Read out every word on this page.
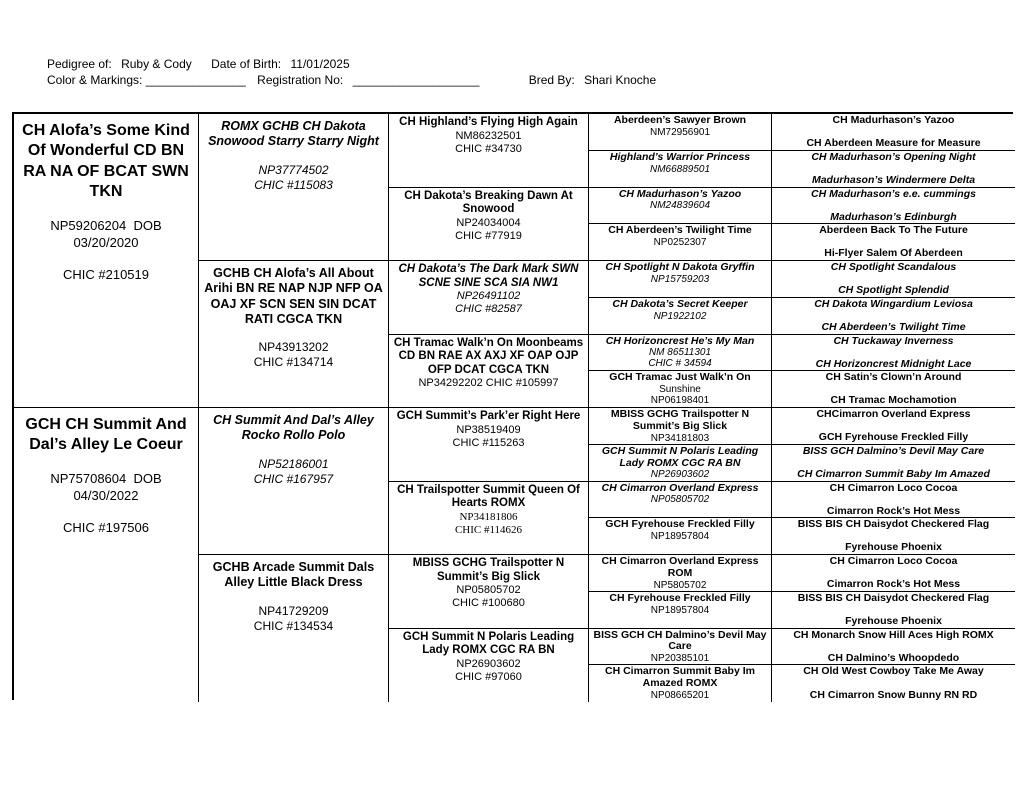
Pedigree of: Ruby & Cody Date of Birth: 11/01/2025
Color & Markings: _______________ Registration No: ___________________	Bred By: Shari Knoche
CH Alofa’s Some Kind Of Wonderful CD BN RA NA OF BCAT SWN TKN
NP59206204  DOB
03/20/2020
CHIC #210519
GCH CH Summit And Dal’s Alley Le Coeur
NP75708604  DOB
04/30/2022
CHIC #197506
ROMX GCHB CH Dakota Snowood Starry Starry Night
NP37774502
CHIC #115083
GCHB CH Alofa’s All About Arihi BN RE NAP NJP NFP OA OAJ XF SCN SEN SIN DCAT RATI CGCA TKN
NP43913202
CHIC #134714
CH Summit And Dal’s Alley Rocko Rollo Polo
NP52186001
CHIC #167957
GCHB Arcade Summit Dals Alley Little Black Dress
NP41729209
CHIC #134534
CH Highland’s Flying High Again
NM86232501
CHIC #34730
CH Dakota’s Breaking Dawn At Snowood
NP24034004
CHIC #77919
CH Dakota’s The Dark Mark SWN SCNE SINE SCA SIA NW1
NP26491102
CHIC #82587
CH Tramac Walk’n On Moonbeams CD BN RAE AX AXJ XF OAP OJP OFP DCAT CGCA TKN
NP34292202 CHIC #105997
GCH Summit’s Park’er Right Here
NP38519409
CHIC #115263
CH Trailspotter Summit Queen Of Hearts ROMX
NP34181806
CHIC #114626
MBISS GCHG Trailspotter N Summit’s Big Slick
NP05805702
CHIC #100680
GCH Summit N Polaris Leading Lady ROMX CGC RA BN
NP26903602
CHIC #97060
Aberdeen’s Sawyer Brown
NM72956901
Highland’s Warrior Princess
NM66889501
CH Madurhason’s Yazoo
NM24839604
CH Aberdeen’s Twilight Time
NP0252307
CH Spotlight N Dakota Gryffin
NP15759203
CH Dakota’s Secret Keeper
NP1922102
CH Horizoncrest He’s My Man
NM 86511301
CHIC # 34594
GCH Tramac Just Walk’n On
Sunshine
NP06198401
MBISS GCHG Trailspotter N Summit’s Big Slick
NP34181803
GCH Summit N Polaris Leading Lady ROMX CGC RA BN
NP26903602
CH Cimarron Overland Express
NP05805702
GCH Fyrehouse Freckled Filly
NP18957804
CH Cimarron Overland Express ROM
NP5805702
CH Fyrehouse Freckled Filly
NP18957804
BISS GCH CH Dalmino’s Devil May Care
NP20385101
CH Cimarron Summit Baby Im Amazed ROMX
NP08665201
CH Madurhason’s Yazoo
CH Aberdeen Measure for Measure
CH Madurhason’s Opening Night
Madurhason’s Windermere Delta
CH Madurhason’s e.e. cummings
Madurhason’s Edinburgh
Aberdeen Back To The Future
Hi-Flyer Salem Of Aberdeen
CH Spotlight Scandalous
CH Spotlight Splendid
CH Dakota Wingardium Leviosa
CH Aberdeen’s Twilight Time
CH Tuckaway Inverness
CH Horizoncrest Midnight Lace
CH Satin’s Clown’n Around
CH Tramac Mochamotion
CHCimarron Overland Express
GCH Fyrehouse Freckled Filly
BISS GCH Dalmino’s Devil May Care
CH Cimarron Summit Baby Im Amazed
CH Cimarron Loco Cocoa
Cimarron Rock’s Hot Mess
BISS BIS CH Daisydot Checkered Flag
Fyrehouse Phoenix
CH Cimarron Loco Cocoa
Cimarron Rock’s Hot Mess
BISS BIS CH Daisydot Checkered Flag
Fyrehouse Phoenix
CH Monarch Snow Hill Aces High ROMX
CH Dalmino’s Whoopdedo
CH Old West Cowboy Take Me Away
CH Cimarron Snow Bunny RN RD
